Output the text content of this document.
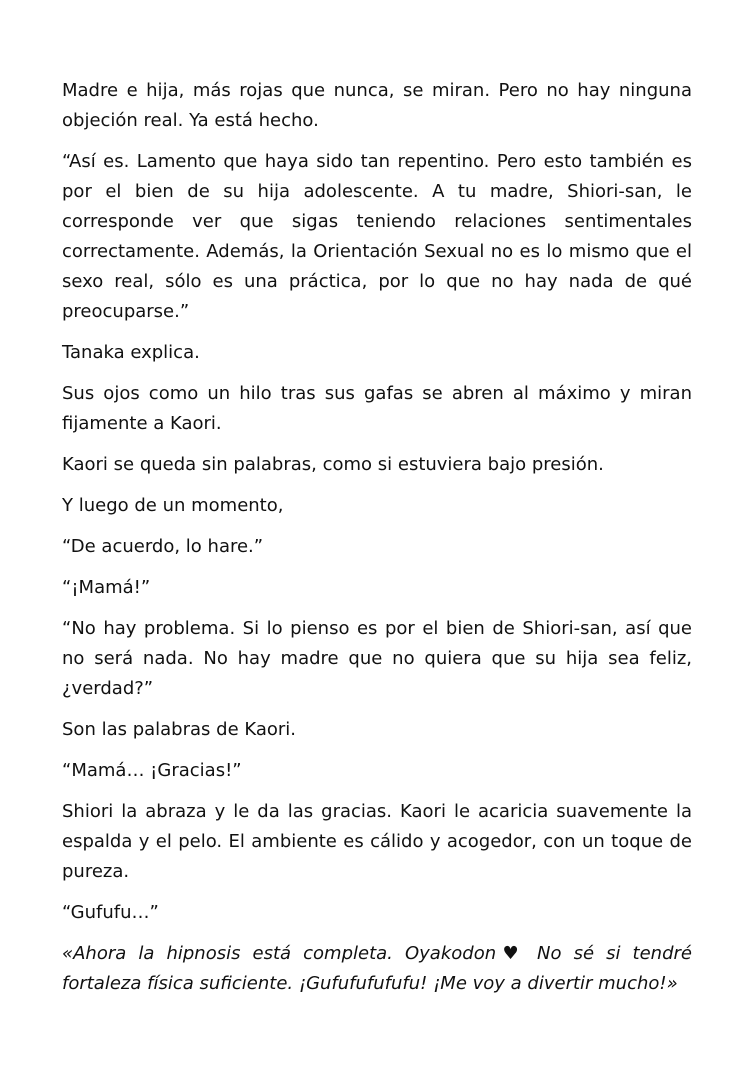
Madre e hija, más rojas que nunca, se miran. Pero no hay ninguna objeción real. Ya está hecho.

“Así es. Lamento que haya sido tan repentino. Pero esto también es por el bien de su hija adolescente. A tu madre, Shiori-san, le corresponde ver que sigas teniendo relaciones sentimentales correctamente. Además, la Orientación Sexual no es lo mismo que el sexo real, sólo es una práctica, por lo que no hay nada de qué preocuparse.”

Tanaka explica.

Sus ojos como un hilo tras sus gafas se abren al máximo y miran fijamente a Kaori.

Kaori se queda sin palabras, como si estuviera bajo presión.

Y luego de un momento,

“De acuerdo, lo hare.”

“¡Mamá!”

“No hay problema. Si lo pienso es por el bien de Shiori-san, así que no será nada. No hay madre que no quiera que su hija sea feliz, ¿verdad?”

Son las palabras de Kaori.

“Mamá… ¡Gracias!”

Shiori la abraza y le da las gracias. Kaori le acaricia suavemente la espalda y el pelo. El ambiente es cálido y acogedor, con un toque de pureza.

“Gufufu…”

«Ahora la hipnosis está completa. Oyakodon♥ No sé si tendré fortaleza física suficiente. ¡Gufufufufufu! ¡Me voy a divertir mucho!»
